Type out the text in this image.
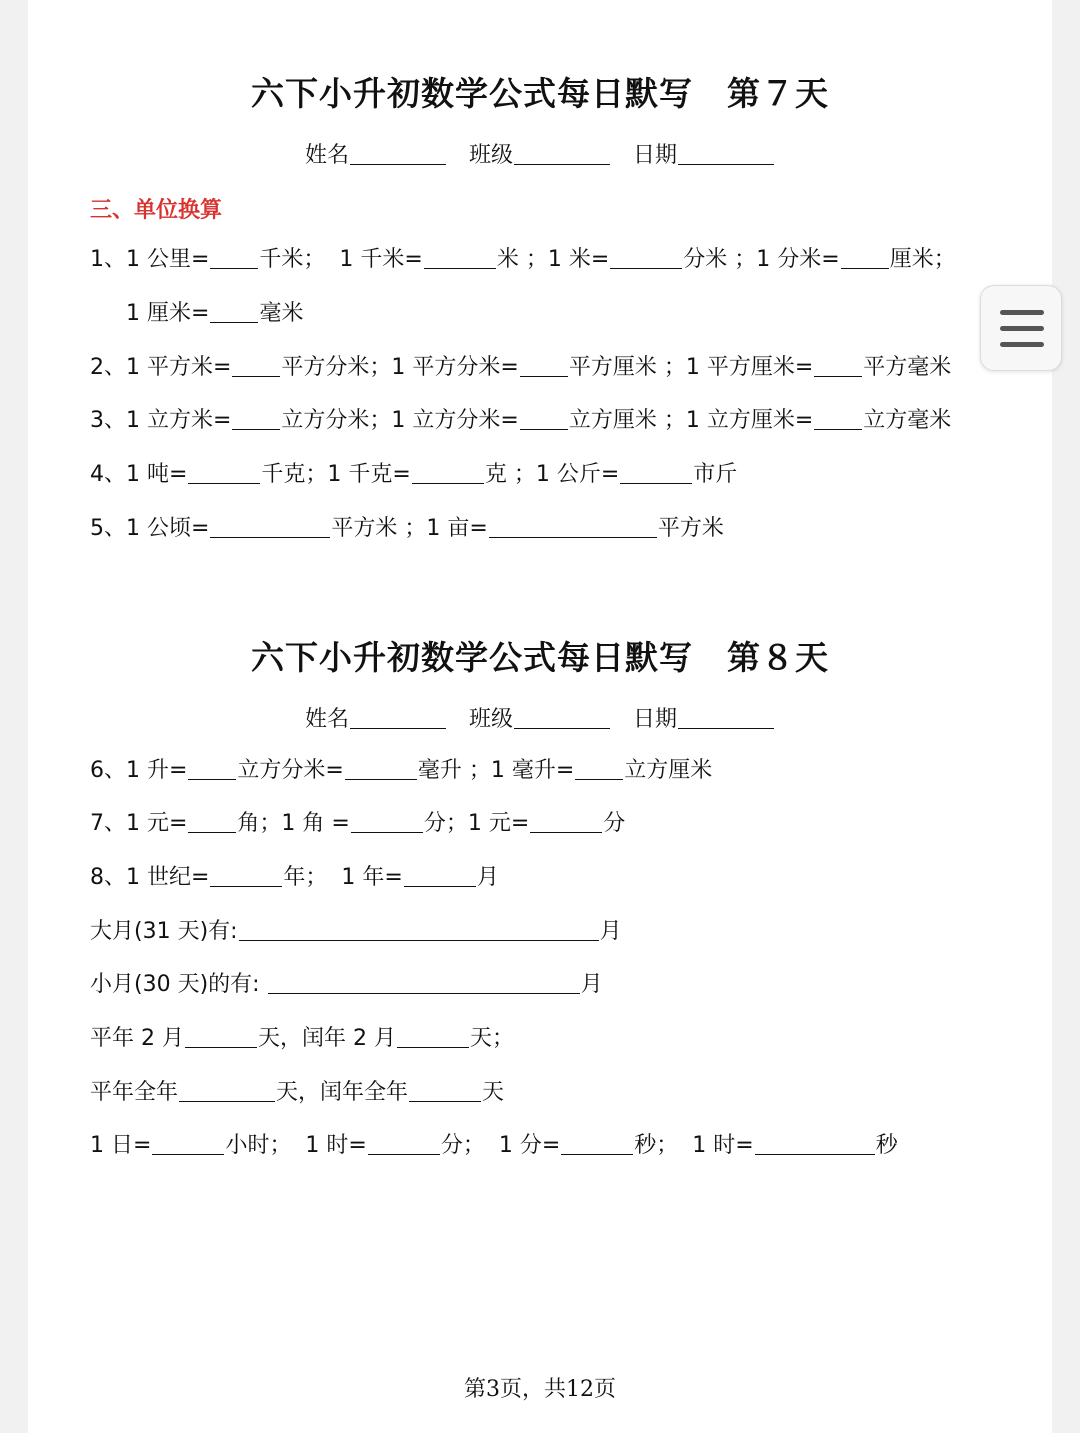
六下小升初数学公式每日默写　第７天
姓名	班级	日期
三、单位换算
1、1 公里= 千米；  1 千米=	米 ；1 米=	分米 ；1 分米= 厘米；
1 厘米= 毫米
2、1 平方米= 平方分米；1 平方分米= 平方厘米 ；1 平方厘米= 平方毫米
3、1 立方米= 立方分米；1 立方分米= 立方厘米 ；1 立方厘米= 立方毫米
4、1 吨=	千克；1 千克=	克 ；1 公斤=	市斤
5、1 公顷=	平方米 ；1 亩=	平方米
六下小升初数学公式每日默写　第８天
姓名	班级	日期
6、1 升= 立方分米=	毫升 ；1 毫升= 立方厘米
7、1 元= 角；1 角 =	分；1 元=	分
8、1 世纪=	年；  1 年=	月
大月(31 天)有:	月
小月(30 天)的有:	月
平年 2 月	天，闰年 2 月	天；
平年全年	天，闰年全年	天
1 日=	小时；  1 时=	分；  1 分=	秒；  1 时=	秒
第3页，共12页
